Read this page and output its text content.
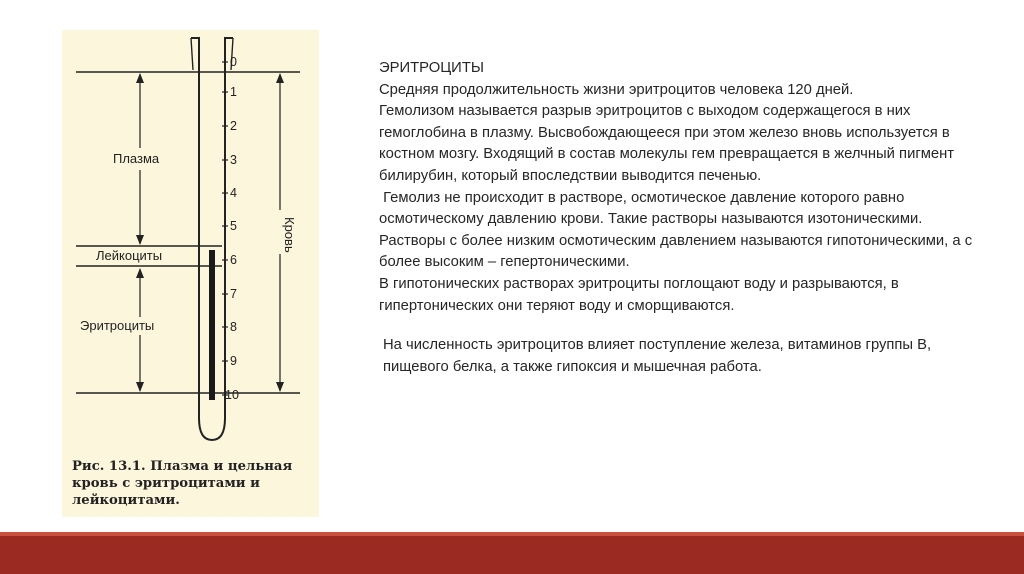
0
1
2
3
4
5
6
7
8
9
10
Плазма
Лейкоциты
Эритроциты
Кровь
Рис. 13.1. Плазма и цельная кровь с эритроцитами и лейкоцитами.

ЭРИТРОЦИТЫ

Средняя продолжительность жизни эритроцитов человека 120 дней.

Гемолизом называется разрыв эритроцитов с выходом содержащегося в них гемоглобина в плазму. Высвобождающееся при этом железо вновь используется в костном мозгу. Входящий в состав молекулы гем превращается в желчный пигмент билирубин, который впоследствии выводится печенью.

Гемолиз не происходит в растворе, осмотическое давление которого равно осмотическому давлению крови. Такие растворы называются изотоническими.

Растворы с более низким осмотическим давлением называются гипотоническими, а с более высоким – гепертоническими.

В гипотонических растворах эритроциты поглощают воду и разрываются, в гипертонических они теряют воду и сморщиваются.

На численность эритроцитов влияет поступление железа, витаминов группы В, пищевого белка, а также гипоксия и мышечная работа.
